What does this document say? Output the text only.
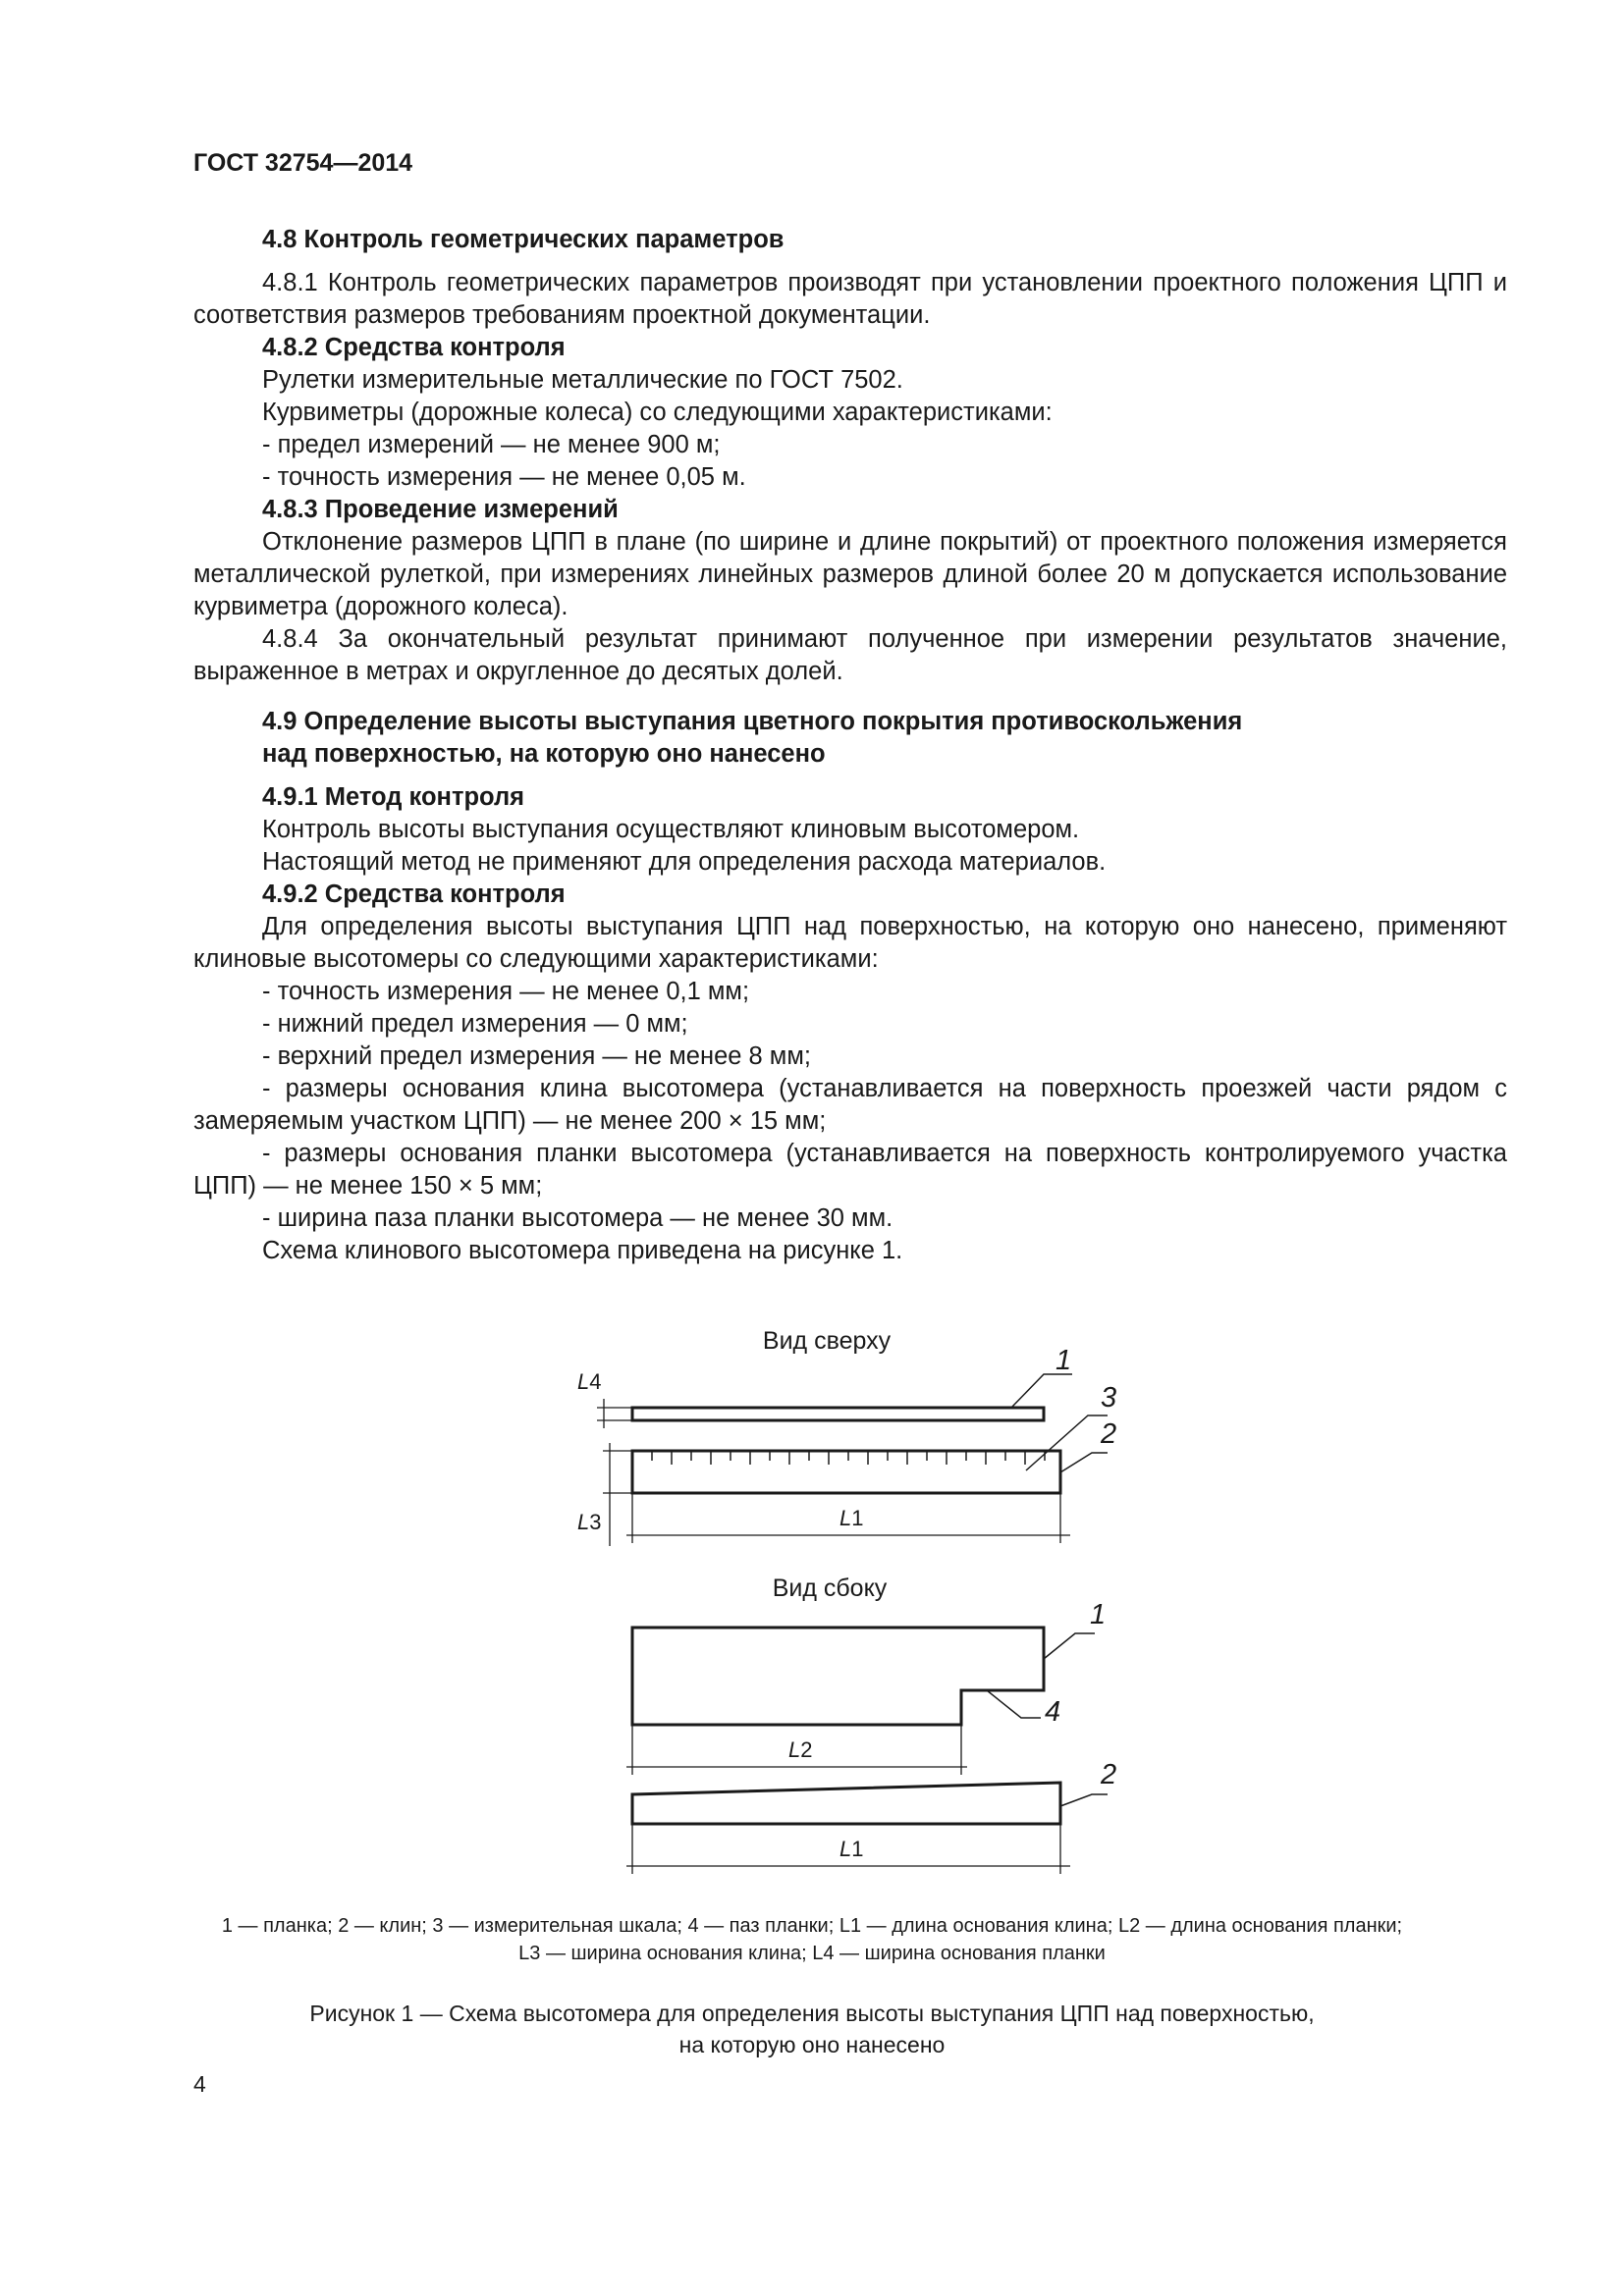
ГОСТ 32754—2014

4.8 Контроль геометрических параметров

4.8.1 Контроль геометрических параметров производят при установлении проектного положения ЦПП и соответствия размеров требованиям проектной документации.

4.8.2 Средства контроля

Рулетки измерительные металлические по ГОСТ 7502.

Курвиметры (дорожные колеса) со следующими характеристиками:

- предел измерений — не менее 900 м;

- точность измерения — не менее 0,05 м.

4.8.3 Проведение измерений

Отклонение размеров ЦПП в плане (по ширине и длине покрытий) от проектного положения измеряется металлической рулеткой, при измерениях линейных размеров длиной более 20 м допускается использование курвиметра (дорожного колеса).

4.8.4 За окончательный результат принимают полученное при измерении результатов значение, выраженное в метрах и округленное до десятых долей.

4.9 Определение высоты выступания цветного покрытия противоскольжения

над поверхностью, на которую оно нанесено

4.9.1 Метод контроля

Контроль высоты выступания осуществляют клиновым высотомером.

Настоящий метод не применяют для определения расхода материалов.

4.9.2 Средства контроля

Для определения высоты выступания ЦПП над поверхностью, на которую оно нанесено, применяют клиновые высотомеры со следующими характеристиками:

- точность измерения — не менее 0,1 мм;

- нижний предел измерения — 0 мм;

- верхний предел измерения — не менее 8 мм;

- размеры основания клина высотомера (устанавливается на поверхность проезжей части рядом с замеряемым участком ЦПП) — не менее 200 × 15 мм;

- размеры основания планки высотомера (устанавливается на поверхность контролируемого участка ЦПП) — не менее 150 × 5 мм;

- ширина паза планки высотомера — не менее 30 мм.

Схема клинового высотомера приведена на рисунке 1.

Вид сверху
Вид сбоку
1
3
2
1
4
2
L4
L3	L1
L2
L1
1 — планка; 2 — клин; 3 — измерительная шкала; 4 — паз планки; L1 — длина основания клина; L2 — длина основания планки;
L3 — ширина основания клина; L4 — ширина основания планки
Рисунок 1 — Схема высотомера для определения высоты выступания ЦПП над поверхностью,
на которую оно нанесено
4
